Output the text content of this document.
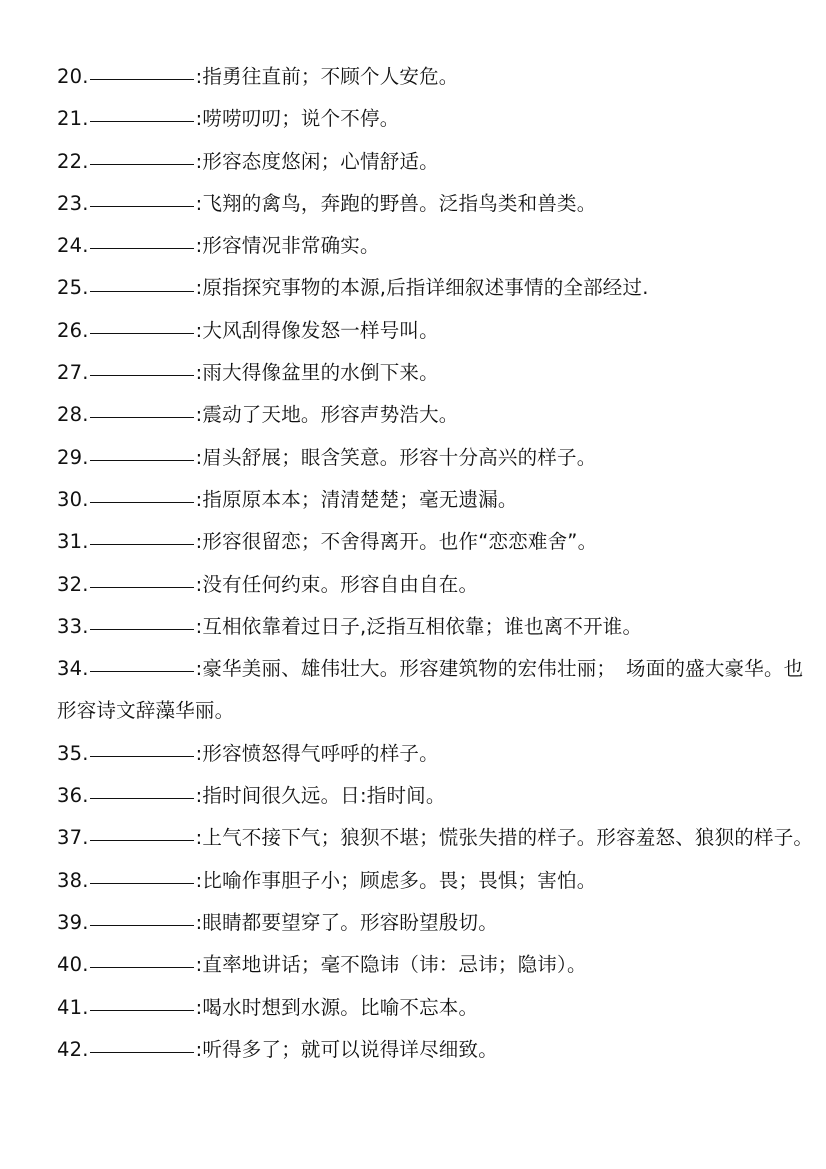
20.	:指勇往直前；不顾个人安危。
21.	:唠唠叨叨；说个不停。
22.	:形容态度悠闲；心情舒适。
23.	:飞翔的禽鸟，奔跑的野兽。泛指鸟类和兽类。
24.	:形容情况非常确实。
25.	:原指探究事物的本源,后指详细叙述事情的全部经过.
26.	:大风刮得像发怒一样号叫。
27.	:雨大得像盆里的水倒下来。
28.	:震动了天地。形容声势浩大。
29.	:眉头舒展；眼含笑意。形容十分高兴的样子。
30.	:指原原本本；清清楚楚；毫无遗漏。
31.	:形容很留恋；不舍得离开。也作“恋恋难舍”。
32.	:没有任何约束。形容自由自在。
33.	:互相依靠着过日子,泛指互相依靠；谁也离不开谁。
34.	:豪华美丽、雄伟壮大。形容建筑物的宏伟壮丽；　场面的盛大豪华。也形容诗文辞藻华丽。
35.	:形容愤怒得气呼呼的样子。
36.	:指时间很久远。日:指时间。
37.	:上气不接下气；狼狈不堪；慌张失措的样子。形容羞怒、狼狈的样子。
38.	:比喻作事胆子小；顾虑多。畏；畏惧；害怕。
39.	:眼睛都要望穿了。形容盼望殷切。
40.	:直率地讲话；毫不隐讳（讳：忌讳；隐讳）。
41.	:喝水时想到水源。比喻不忘本。
42.	:听得多了；就可以说得详尽细致。
